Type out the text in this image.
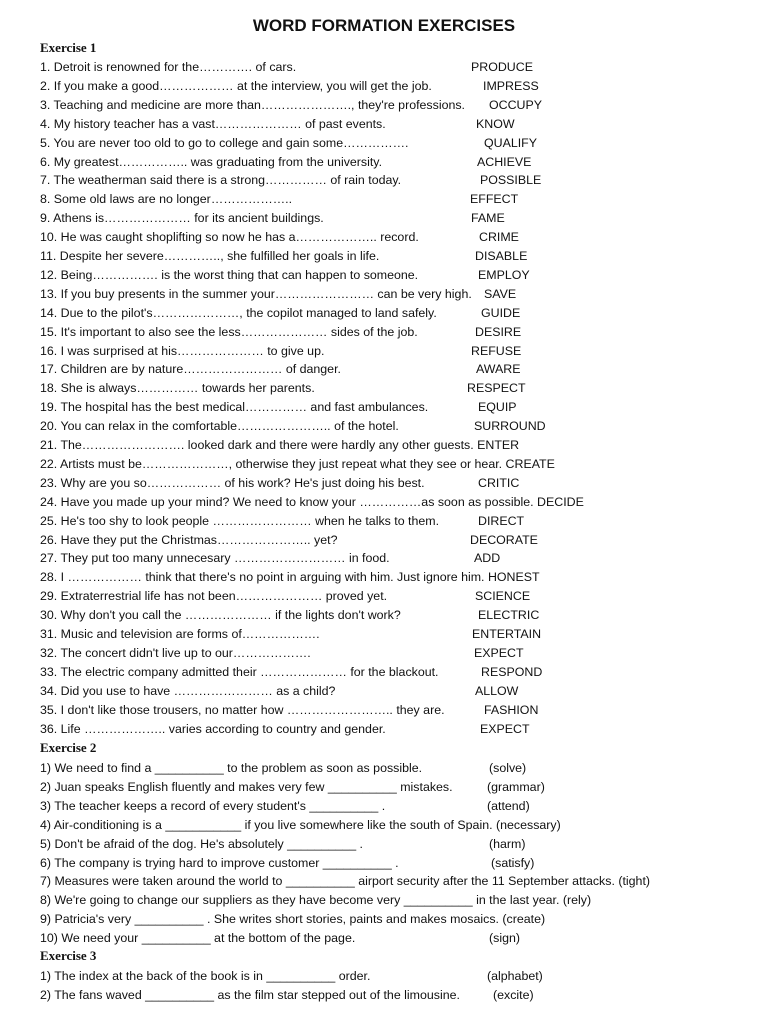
WORD FORMATION EXERCISES
Exercise 1
1. Detroit is renowned for the…………. of cars.	PRODUCE
2. If you make a good……………… at the interview, you will get the job.	IMPRESS
3. Teaching and medicine are more than…………………., they're professions. OCCUPY
4. My history teacher has a vast………………… of past events.	KNOW
5. You are never too old to go to college and gain some…………….	QUALIFY
6. My greatest…………….. was graduating from the university.	ACHIEVE
7. The weatherman said there is a strong…………… of rain today.	POSSIBLE
8. Some old laws are no longer………………..	EFFECT
9. Athens is………………… for its ancient buildings.	FAME
10. He was caught shoplifting so now he has a……………….. record.	CRIME
11. Despite her severe………….., she fulfilled her goals in life.	DISABLE
12. Being……………. is the worst thing that can happen to someone.	EMPLOY
13. If you buy presents in the summer your…………………… can be very high. SAVE
14. Due to the pilot's…………………, the copilot managed to land safely.	GUIDE
15. It's important to also see the less………………… sides of the job.	DESIRE
16. I was surprised at his………………… to give up.	REFUSE
17. Children are by nature…………………… of danger.	AWARE
18. She is always…………… towards her parents.	RESPECT
19. The hospital has the best medical…………… and fast ambulances.	EQUIP
20. You can relax in the comfortable………………….. of the hotel.	SURROUND
21. The……………………. looked dark and there were hardly any other guests. ENTER
22. Artists must be…………………, otherwise they just repeat what they see or hear. CREATE
23. Why are you so……………… of his work? He's just doing his best.	CRITIC
24. Have you made up your mind? We need to know your ……………as soon as possible. DECIDE
25. He's too shy to look people …………………… when he talks to them.	DIRECT
26. Have they put the Christmas………………….. yet?	DECORATE
27. They put too many unnecesary ……………………… in food.	ADD
28. I ……………… think that there's no point in arguing with him. Just ignore him. HONEST
29. Extraterrestrial life has not been………………… proved yet.	SCIENCE
30. Why don't you call the ………………… if the lights don't work?	ELECTRIC
31. Music and television are forms of……………….	ENTERTAIN
32. The concert didn't live up to our……………….	EXPECT
33. The electric company admitted their ………………… for the blackout.	RESPOND
34. Did you use to have …………………… as a child?	ALLOW
35. I don't like those trousers, no matter how …………………….. they are.	FASHION
36. Life ……………….. varies according to country and gender.	EXPECT
Exercise 2
1) We need to find a __________ to the problem as soon as possible.	(solve)
2) Juan speaks English fluently and makes very few __________ mistakes.	(grammar)
3) The teacher keeps a record of every student's __________ .	(attend)
4) Air-conditioning is a ___________ if you live somewhere like the south of Spain. (necessary)
5) Don't be afraid of the dog. He's absolutely __________ .	(harm)
6) The company is trying hard to improve customer __________ .	(satisfy)
7) Measures were taken around the world to __________ airport security after the 11 September attacks. (tight)
8) We're going to change our suppliers as they have become very __________ in the last year. (rely)
9) Patricia's very __________ . She writes short stories, paints and makes mosaics. (create)
10) We need your __________ at the bottom of the page.	(sign)
Exercise 3
1) The index at the back of the book is in __________ order.	(alphabet)
2) The fans waved __________ as the film star stepped out of the limousine.	(excite)
